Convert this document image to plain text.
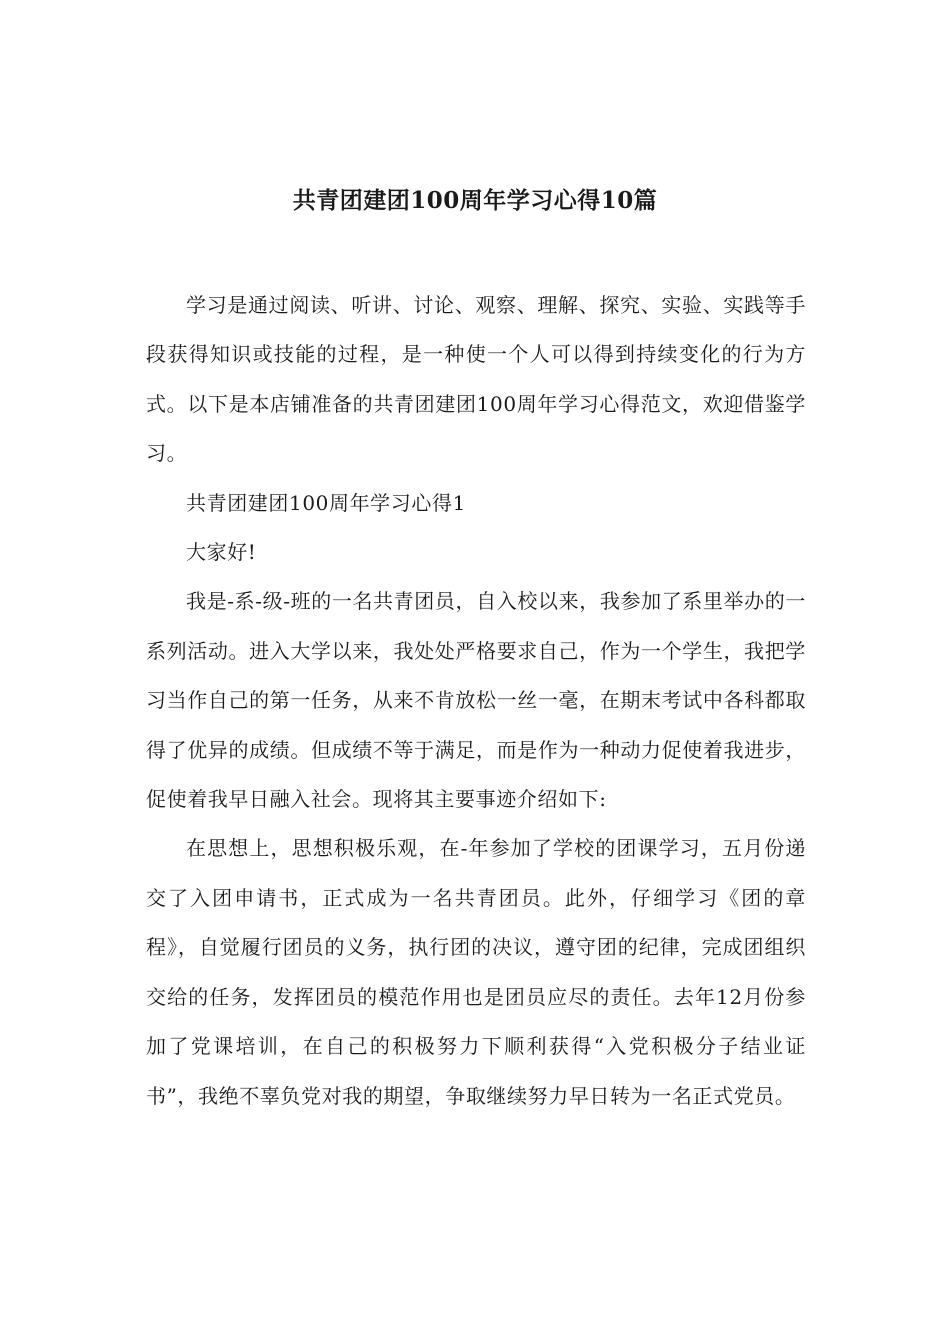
共青团建团100周年学习心得10篇

学习是通过阅读、听讲、讨论、观察、理解、探究、实验、实践等手段获得知识或技能的过程，是一种使一个人可以得到持续变化的行为方式。以下是本店铺准备的共青团建团100周年学习心得范文，欢迎借鉴学习。

共青团建团100周年学习心得1

大家好!

我是-系-级-班的一名共青团员，自入校以来，我参加了系里举办的一系列活动。进入大学以来，我处处严格要求自己，作为一个学生，我把学习当作自己的第一任务，从来不肯放松一丝一毫，在期末考试中各科都取得了优异的成绩。但成绩不等于满足，而是作为一种动力促使着我进步，促使着我早日融入社会。现将其主要事迹介绍如下:

在思想上，思想积极乐观，在-年参加了学校的团课学习，五月份递交了入团申请书，正式成为一名共青团员。此外，仔细学习《团的章程》，自觉履行团员的义务，执行团的决议，遵守团的纪律，完成团组织交给的任务，发挥团员的模范作用也是团员应尽的责任。去年12月份参加了党课培训，在自己的积极努力下顺利获得“入党积极分子结业证书”，我绝不辜负党对我的期望，争取继续努力早日转为一名正式党员。
